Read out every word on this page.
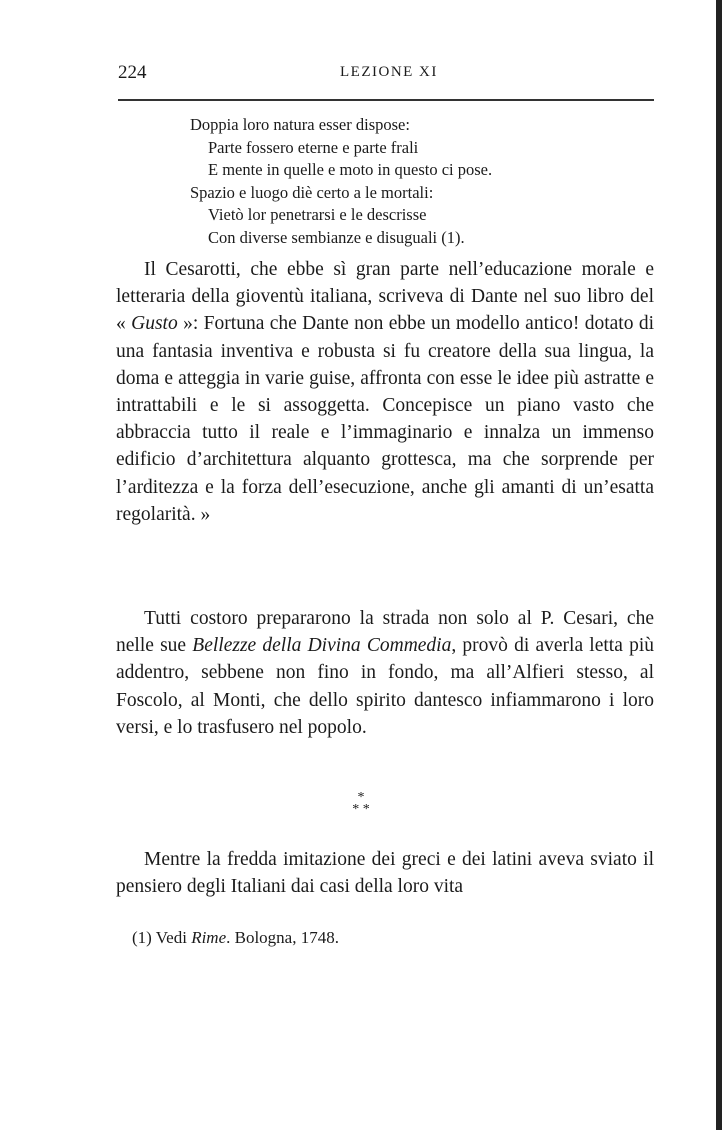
224	LEZIONE XI
Doppia loro natura esser dispose:
Parte fossero eterne e parte frali
E mente in quelle e moto in questo ci pose.
Spazio e luogo diè certo a le mortali:
Vietò lor penetrarsi e le descrisse
Con diverse sembianze e disuguali (1).

Il Cesarotti, che ebbe sì gran parte nell’educazione morale e letteraria della gioventù italiana, scriveva di Dante nel suo libro del « Gusto »: Fortuna che Dante non ebbe un modello antico! dotato di una fantasia inventiva e robusta si fu creatore della sua lingua, la doma e atteggia in varie guise, affronta con esse le idee più astratte e intrattabili e le si assoggetta. Concepisce un piano vasto che abbraccia tutto il reale e l’immaginario e innalza un immenso edificio d’architettura alquanto grottesca, ma che sorprende per l’arditezza e la forza dell’esecuzione, anche gli amanti di un’esatta regolarità. »

Tutti costoro prepararono la strada non solo al P. Cesari, che nelle sue Bellezze della Divina Commedia, provò di averla letta più addentro, sebbene non fino in fondo, ma all’Alfieri stesso, al Foscolo, al Monti, che dello spirito dantesco infiammarono i loro versi, e lo trasfusero nel popolo.

*
* *

Mentre la fredda imitazione dei greci e dei latini aveva sviato il pensiero degli Italiani dai casi della loro vita

(1) Vedi Rime. Bologna, 1748.
